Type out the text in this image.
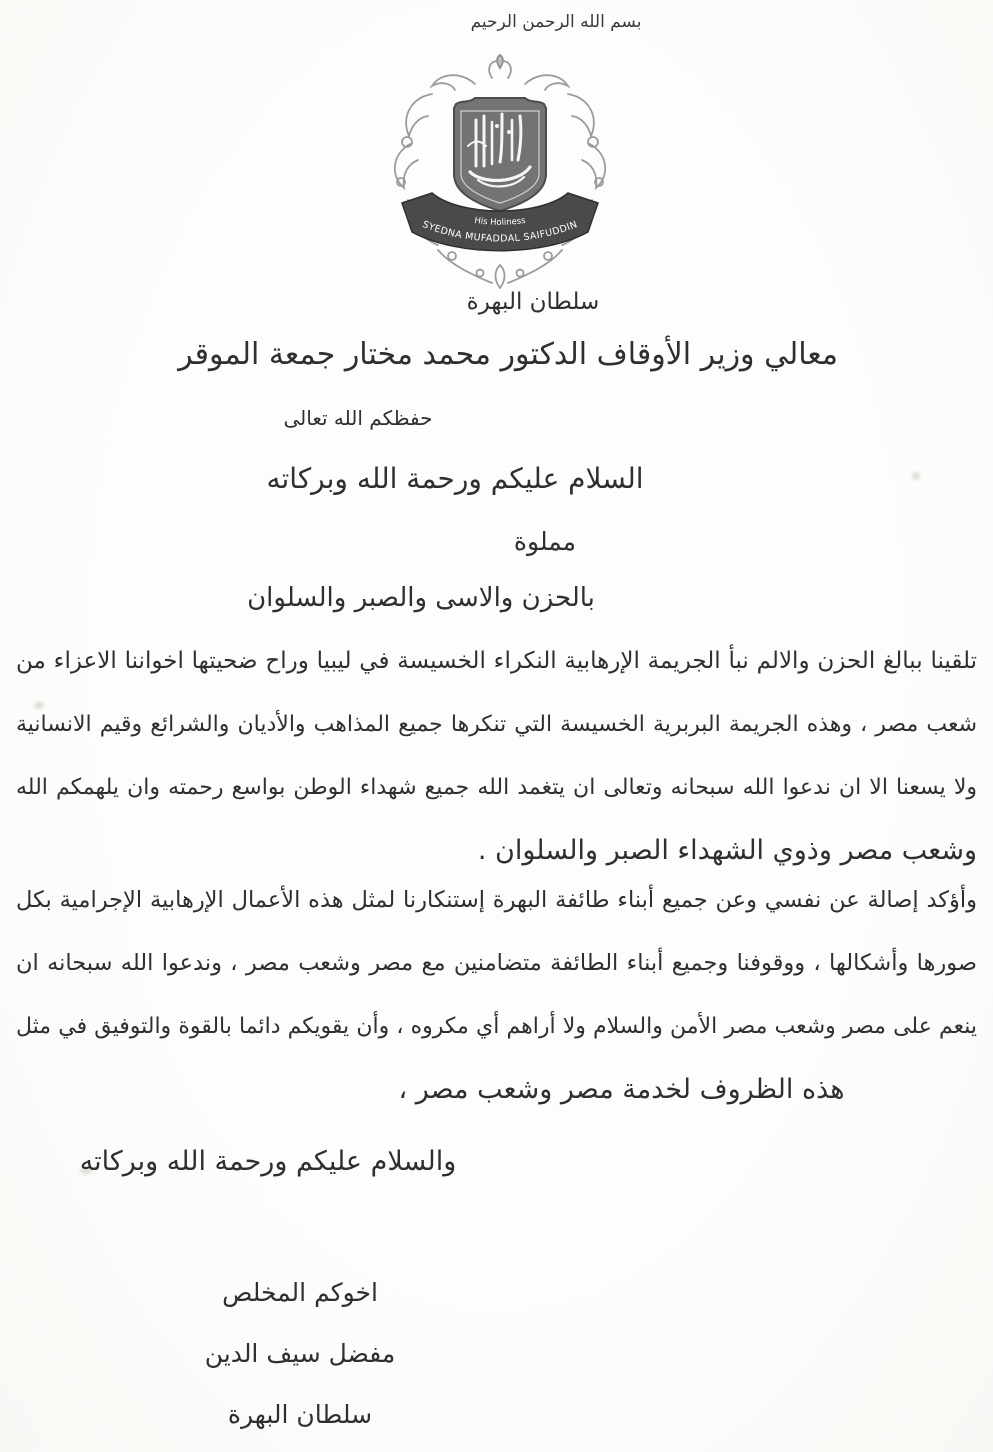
بسم الله الرحمن الرحيم
His Holiness
SYEDNA MUFADDAL SAIFUDDIN
سلطان البهرة
معالي وزير الأوقاف الدكتور محمد مختار جمعة الموقر
حفظكم الله تعالى
السلام عليكم ورحمة الله وبركاته
مملوة
بالحزن والاسى والصبر والسلوان
تلقينا ببالغ الحزن والالم نبأ الجريمة الإرهابية النكراء الخسيسة في ليبيا وراح ضحيتها اخواننا الاعزاء من
شعب مصر ، وهذه الجريمة البربرية الخسيسة التي تنكرها جميع المذاهب والأديان والشرائع وقيم الانسانية
ولا يسعنا الا ان ندعوا الله سبحانه وتعالى ان يتغمد الله جميع شهداء الوطن بواسع رحمته وان يلهمكم الله
وشعب مصر وذوي الشهداء الصبر والسلوان .
وأؤكد إصالة عن نفسي وعن جميع أبناء طائفة البهرة إستنكارنا لمثل هذه الأعمال الإرهابية الإجرامية بكل
صورها وأشكالها ، ووقوفنا وجميع أبناء الطائفة متضامنين مع مصر وشعب مصر ، وندعوا الله سبحانه ان
ينعم على مصر وشعب مصر الأمن والسلام ولا أراهم أي مكروه ، وأن يقويكم دائما بالقوة والتوفيق في مثل
هذه الظروف لخدمة مصر وشعب مصر ،
والسلام عليكم ورحمة الله وبركاته
اخوكم المخلص
مفضل سيف الدين
سلطان البهرة
